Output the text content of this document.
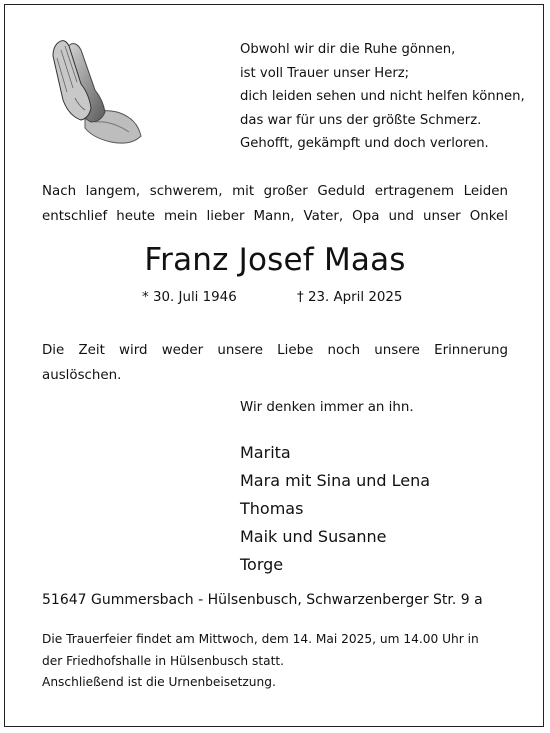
Obwohl wir dir die Ruhe gönnen,
ist voll Trauer unser Herz;
dich leiden sehen und nicht helfen können,
das war für uns der größte Schmerz.
Gehofft, gekämpft und doch verloren.
Nach langem, schwerem, mit großer Geduld ertragenem Leiden
entschlief heute mein lieber Mann, Vater, Opa und unser Onkel
Franz Josef Maas
* 30. Juli 1946	† 23. April 2025
Die Zeit wird weder unsere Liebe noch unsere Erinnerung
auslöschen.
Wir denken immer an ihn.
Marita
Mara mit Sina und Lena
Thomas
Maik und Susanne
Torge
51647 Gummersbach - Hülsenbusch, Schwarzenberger Str. 9 a
Die Trauerfeier findet am Mittwoch, dem 14. Mai 2025, um 14.00 Uhr in
der Friedhofshalle in Hülsenbusch statt.
Anschließend ist die Urnenbeisetzung.
